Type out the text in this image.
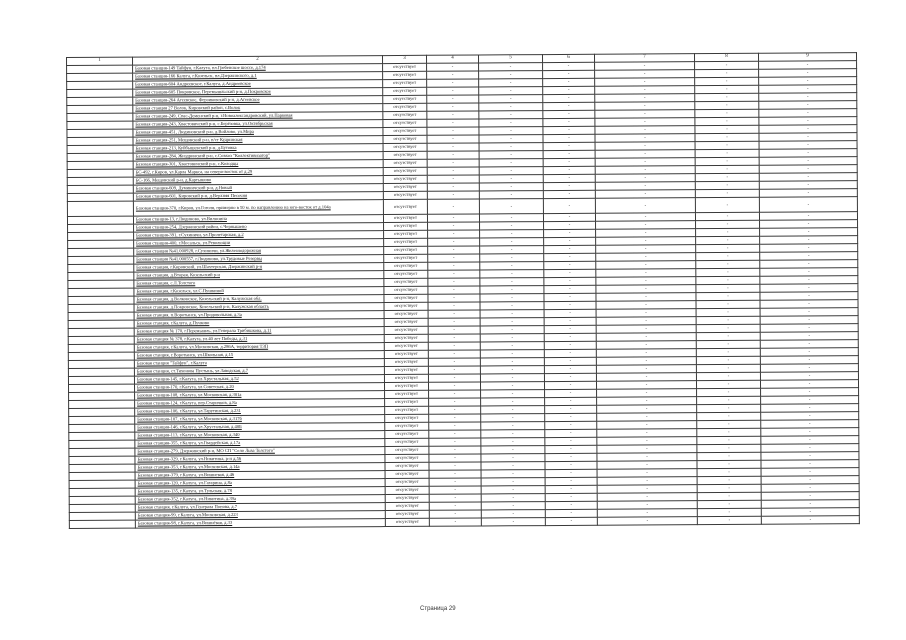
1	2	3	4	5	6	7	8	9
	Базовая станция-149 Тайфун, г.Калуга, пл.Гребенское шоссе, д.174	отсутствует	-	-	-	-	-	-
	Базовая станция-166 Калуга, г.Козельск, пл.Дзержинского, д.1	отсутствует	-	-	-	-	-	-
	Базовая станция-604 Андреевское, г.Калуга, д.Андреевское	отсутствует	-	-	-	-	-	-
	Базовая станция-605 Покровское, Перемышльский р-н, д.Покровское	отсутствует	-	-	-	-	-	-
	Базовая станция-264 Агеевское, Ферзиковский р-н, д.Агеевское	отсутствует	-	-	-	-	-	-
	Базовая станция 27 Волок, Кировский район, с.Волок	отсутствует	-	-	-	-	-	-
	Базовая станция-249, Спас-Деменский р-н, г.Новоалександровский, ул.Парковая	отсутствует	-	-	-	-	-	-
	Базовая станция-243, Хвастовичский р-н, с.Берёзовка, ул.Октябрьская	отсутствует	-	-	-	-	-	-
	Базовая станция-451, Людиновский р-н, д.Войлово, ул.Мира	отсутствует	-	-	-	-	-	-
	Базовая станция-251, Мещовский р-н, п/ст Кудринская	отсутствует	-	-	-	-	-	-
	Базовая станция-213, Куйбышевский р-н, д.Бутовка	отсутствует	-	-	-	-	-	-
	Базовая станция-284, Жиздринский р-н, с.Совхоз "Коллективизатор"	отсутствует	-	-	-	-	-	-
	Базовая станция-301, Хвастовичский р-н, с.Колодцы	отсутствует	-	-	-	-	-	-
	БС-492, г.Киров, ул.Карла Маркса, на северо-восток от д.29	отсутствует	-	-	-	-	-	-
	БС-166, Мещовский р-н, д.Картышово	отсутствует	-	-	-	-	-	-
	Базовая станция-609, Думиничский р-н, д.Новый	отсутствует	-	-	-	-	-	-
	Базовая станция-601, Кировский р-н, д.Верхняя Песочня	отсутствует	-	-	-	-	-	-
	Базовая станция-370, г.Киров, ул.Гоголя, примерно в 50 м. по направлению на юго-восток от д.104а	отсутствует	-	-	-	-	-	-
	Базовая станция-13, г.Людиново, ул.Вилюзина	отсутствует	-	-	-	-	-	-
	Базовая станция-254, Дзержинский район, с.Чернышено	отсутствует	-	-	-	-	-	-
	Базовая станция-391, г.Сухиничи, ул.Пролетарская, д.2	отсутствует	-	-	-	-	-	-
	Базовая станция-400, г.Мосальск, ул.Революции	отсутствует	-	-	-	-	-	-
	Базовая станция №41.000928, г.Сухиничи, ул.Железнодорожная	отсутствует	-	-	-	-	-	-
	Базовая станция №41.000557, г.Людиново, ул.Трудовые Резервы	отсутствует	-	-	-	-	-	-
	Базовая станция, г.Кировский, ул.Шахтерская, Дзержинский р-н	отсутствует	-	-	-	-	-	-
	Базовая станция, д.Вторая, Козельский р-н	отсутствует	-	-	-	-	-	-
	Базовая станция, с.Л.Толстого	отсутствует	-	-	-	-	-	-
	Базовая станция, г.Козельск, ул.С.Пушкиной	отсутствует	-	-	-	-	-	-
	Базовая станция, д.Волконское, Козельский р-н, Калужская обл.	отсутствует	-	-	-	-	-	-
	Базовая станция, д.Покровское, Козельский р-н, Калужская область	отсутствует	-	-	-	-	-	-
	Базовая станция, п.Воротынск, ул.Продовольная, д.3а	отсутствует	-	-	-	-	-	-
	Базовая станция, г.Калуга, д.Пучково	отсутствует	-	-	-	-	-	-
	Базовая станция № 170, г.Перемышль, ул.Генерала Трибишкова, д.11	отсутствует	-	-	-	-	-	-
	Базовая станция № 378, г.Калуга, ул.40 лет Победы, д.31	отсутствует	-	-	-	-	-	-
	Базовая станция, г.Калуга, ул.Московская, д.286А, территория ТЗП	отсутствует	-	-	-	-	-	-
	Базовая станция, г.Воротынск, ул.Школьная, д.15	отсутствует	-	-	-	-	-	-
	Базовая станция "Тайфун", г.Калуга	отсутствует	-	-	-	-	-	-
	Базовая станция, ст.Тихонова Пустынь, ул.Заводская, д.7	отсутствует	-	-	-	-	-	-
	Базовая станция-145, г.Калуга, ул.Хрустальная, д.52	отсутствует	-	-	-	-	-	-
	Базовая станция-170, г.Калуга, ул.Советская, д.20	отсутствует	-	-	-	-	-	-
	Базовая станция-108, г.Калуга, ул.Московская, д.301а	отсутствует	-	-	-	-	-	-
	Базовая станция-124, г.Калуга, пер.Старичков, д.8а	отсутствует	-	-	-	-	-	-
	Базовая станция-106, г.Калуга, ул.Тарутинская, д.231	отсутствует	-	-	-	-	-	-
	Базовая станция-107, г.Калуга, ул.Московская, д.317б	отсутствует	-	-	-	-	-	-
	Базовая станция-146, г.Калуга, ул.Хрустальная, д.40Б	отсутствует	-	-	-	-	-	-
	Базовая станция-113, г.Калуга, ул.Московская, д.340	отсутствует	-	-	-	-	-	-
	Базовая станция-355, г.Калуга, ул.Гвардейская, д.17а	отсутствует	-	-	-	-	-	-
	Базовая станция-279, Дзержинский р-н, МО СП "Село Льва Толстого"	отсутствует	-	-	-	-	-	-
	Базовая станция-329, г.Калуга, ул.Никитина, р-н д.56	отсутствует	-	-	-	-	-	-
	Базовая станция-353, г.Калуга, ул.Московская, д.14а	отсутствует	-	-	-	-	-	-
	Базовая станция-379, г.Калуга, ул.Вишневая, д.46	отсутствует	-	-	-	-	-	-
	Базовая станция-120, г.Калуга, ул.Гагарина, д.8а	отсутствует	-	-	-	-	-	-
	Базовая станция-135, г.Калуга, ул.Тульская, д.78	отсутствует	-	-	-	-	-	-
	Базовая станция-352, г.Калуга, ул.Никитина, д.39а	отсутствует	-	-	-	-	-	-
	Базовая станция, г.Калуга, ул.Генерала Попова, д.7	отсутствует	-	-	-	-	-	-
	Базовая станция-99, г.Калуга, ул.Московская, д.223	отсутствует	-	-	-	-	-	-
	Базовая станция-98, г.Калуга, ул.Вишнёвая, д.33	отсутствует	-	-	-	-	-	-
Страница 29
